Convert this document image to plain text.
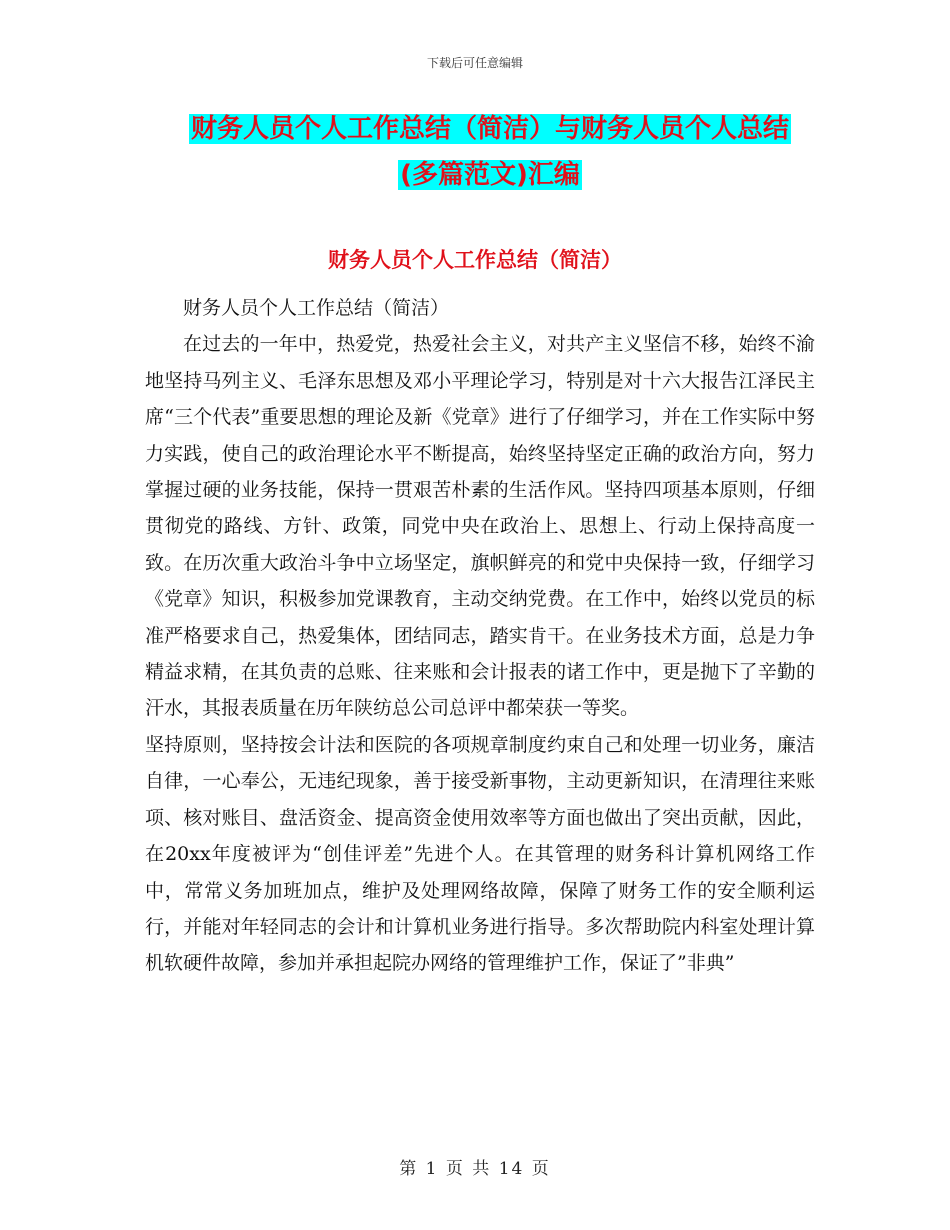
下载后可任意编辑
财务人员个人工作总结（简洁）与财务人员个人总结
(多篇范文)汇编
财务人员个人工作总结（简洁）

财务人员个人工作总结（简洁）

在过去的一年中，热爱党，热爱社会主义，对共产主义坚信不移，始终不渝地坚持马列主义、毛泽东思想及邓小平理论学习，特别是对十六大报告江泽民主席“三个代表”重要思想的理论及新《党章》进行了仔细学习，并在工作实际中努力实践，使自己的政治理论水平不断提高，始终坚持坚定正确的政治方向，努力掌握过硬的业务技能，保持一贯艰苦朴素的生活作风。坚持四项基本原则，仔细贯彻党的路线、方针、政策，同党中央在政治上、思想上、行动上保持高度一致。在历次重大政治斗争中立场坚定，旗帜鲜亮的和党中央保持一致，仔细学习《党章》知识，积极参加党课教育，主动交纳党费。在工作中，始终以党员的标准严格要求自己，热爱集体，团结同志，踏实肯干。在业务技术方面，总是力争精益求精，在其负责的总账、往来账和会计报表的诸工作中，更是抛下了辛勤的汗水，其报表质量在历年陕纺总公司总评中都荣获一等奖。

坚持原则，坚持按会计法和医院的各项规章制度约束自己和处理一切业务，廉洁自律，一心奉公，无违纪现象，善于接受新事物，主动更新知识，在清理往来账项、核对账目、盘活资金、提高资金使用效率等方面也做出了突出贡献，因此，在20xx年度被评为“创佳评差”先进个人。在其管理的财务科计算机网络工作中，常常义务加班加点，维护及处理网络故障，保障了财务工作的安全顺利运行，并能对年轻同志的会计和计算机业务进行指导。多次帮助院内科室处理计算机软硬件故障，参加并承担起院办网络的管理维护工作，保证了”非典”

第 1 页 共 14 页
